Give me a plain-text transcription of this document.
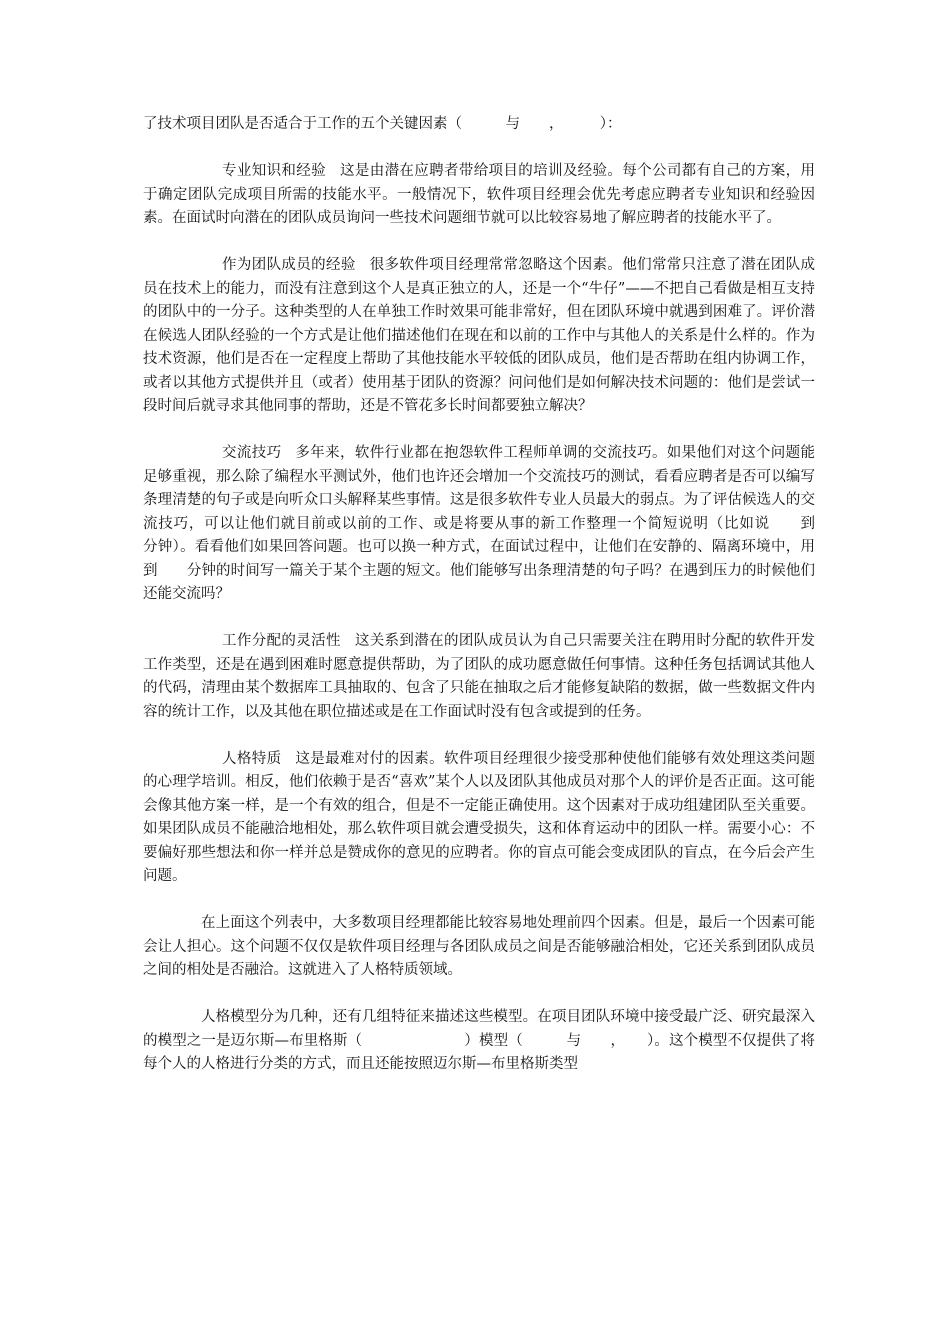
了技术项目团队是否适合于工作的五个关键因素（　　　与　　，　　　）：

专业知识和经验 这是由潜在应聘者带给项目的培训及经验。每个公司都有自己的方案，用于确定团队完成项目所需的技能水平。一般情况下，软件项目经理会优先考虑应聘者专业知识和经验因素。在面试时向潜在的团队成员询问一些技术问题细节就可以比较容易地了解应聘者的技能水平了。

作为团队成员的经验 很多软件项目经理常常忽略这个因素。他们常常只注意了潜在团队成员在技术上的能力，而没有注意到这个人是真正独立的人，还是一个“牛仔”——不把自己看做是相互支持的团队中的一分子。这种类型的人在单独工作时效果可能非常好，但在团队环境中就遇到困难了。评价潜在候选人团队经验的一个方式是让他们描述他们在现在和以前的工作中与其他人的关系是什么样的。作为技术资源，他们是否在一定程度上帮助了其他技能水平较低的团队成员，他们是否帮助在组内协调工作，或者以其他方式提供并且（或者）使用基于团队的资源？问问他们是如何解决技术问题的：他们是尝试一段时间后就寻求其他同事的帮助，还是不管花多长时间都要独立解决？

交流技巧 多年来，软件行业都在抱怨软件工程师单调的交流技巧。如果他们对这个问题能足够重视，那么除了编程水平测试外，他们也许还会增加一个交流技巧的测试，看看应聘者是否可以编写条理清楚的句子或是向听众口头解释某些事情。这是很多软件专业人员最大的弱点。为了评估候选人的交流技巧，可以让他们就目前或以前的工作、或是将要从事的新工作整理一个简短说明（比如说　　到　　分钟）。看看他们如果回答问题。也可以换一种方式，在面试过程中，让他们在安静的、隔离环境中，用　　到　　分钟的时间写一篇关于某个主题的短文。他们能够写出条理清楚的句子吗？在遇到压力的时候他们还能交流吗？

工作分配的灵活性 这关系到潜在的团队成员认为自己只需要关注在聘用时分配的软件开发工作类型，还是在遇到困难时愿意提供帮助，为了团队的成功愿意做任何事情。这种任务包括调试其他人的代码，清理由某个数据库工具抽取的、包含了只能在抽取之后才能修复缺陷的数据，做一些数据文件内容的统计工作，以及其他在职位描述或是在工作面试时没有包含或提到的任务。

人格特质 这是最难对付的因素。软件项目经理很少接受那种使他们能够有效处理这类问题的心理学培训。相反，他们依赖于是否“喜欢”某个人以及团队其他成员对那个人的评价是否正面。这可能会像其他方案一样，是一个有效的组合，但是不一定能正确使用。这个因素对于成功组建团队至关重要。如果团队成员不能融洽地相处，那么软件项目就会遭受损失，这和体育运动中的团队一样。需要小心：不要偏好那些想法和你一样并总是赞成你的意见的应聘者。你的盲点可能会变成团队的盲点，在今后会产生问题。

在上面这个列表中，大多数项目经理都能比较容易地处理前四个因素。但是，最后一个因素可能会让人担心。这个问题不仅仅是软件项目经理与各团队成员之间是否能够融洽相处，它还关系到团队成员之间的相处是否融洽。这就进入了人格特质领域。

人格模型分为几种，还有几组特征来描述这些模型。在项目团队环境中接受最广泛、研究最深入的模型之一是迈尔斯—布里格斯（　　　　　　　）模型（　　　与　　，　　）。这个模型不仅提供了将每个人的人格进行分类的方式，而且还能按照迈尔斯—布里格斯类型
